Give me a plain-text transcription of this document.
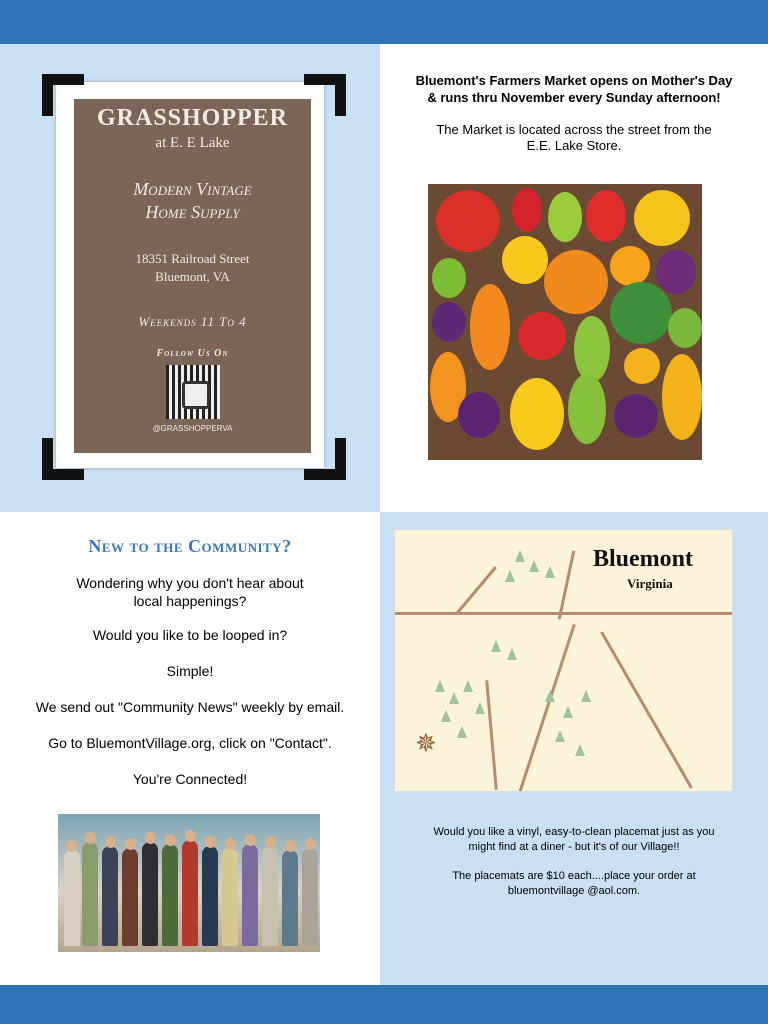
GRASSHOPPER
at E. E Lake
Modern Vintage
Home Supply
18351 Railroad Street
Bluemont, VA
Weekends 11 To 4
Follow Us On
@GRASSHOPPERVA
Bluemont's Farmers Market opens on Mother's Day
& runs thru November every Sunday afternoon!
The Market is located across the street from the
E.E. Lake Store.
New to the Community?
Wondering why you don't hear about
local happenings?
Would you like to be looped in?
Simple!
We send out "Community News" weekly by email.
Go to BluemontVillage.org, click on "Contact".
You're Connected!
Bluemont
Virginia
✵
Would you like a vinyl, easy-to-clean placemat just as you
might find at a diner - but it's of our Village!!
The placemats are $10 each....place your order at
bluemontvillage @aol.com.
